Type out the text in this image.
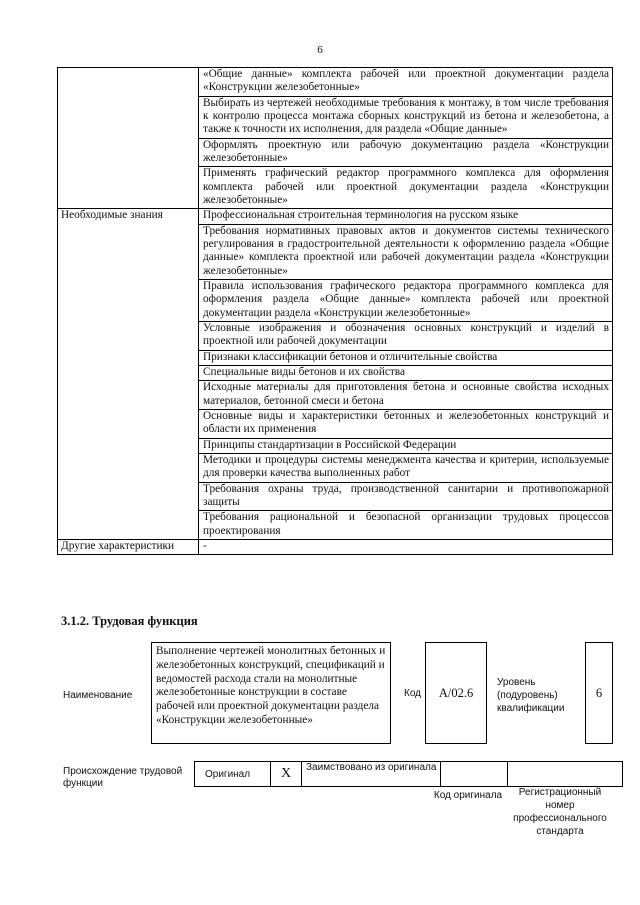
6
	«Общие данные» комплекта рабочей или проектной документации раздела «Конструкции железобетонные»
	Выбирать из чертежей необходимые требования к монтажу, в том числе требования к контролю процесса монтажа сборных конструкций из бетона и железобетона, а также к точности их исполнения, для раздела «Общие данные»
	Оформлять проектную или рабочую документацию раздела «Конструкции железобетонные»
	Применять графический редактор программного комплекса для оформления комплекта рабочей или проектной документации раздела «Конструкции железобетонные»
Необходимые знания	Профессиональная строительная терминология на русском языке
	Требования нормативных правовых актов и документов системы технического регулирования в градостроительной деятельности к оформлению раздела «Общие данные» комплекта проектной или рабочей документации раздела «Конструкции железобетонные»
	Правила использования графического редактора программного комплекса для оформления раздела «Общие данные» комплекта рабочей или проектной документации раздела «Конструкции железобетонные»
	Условные изображения и обозначения основных конструкций и изделий в проектной или рабочей документации
	Признаки классификации бетонов и отличительные свойства
	Специальные виды бетонов и их свойства
	Исходные материалы для приготовления бетона и основные свойства исходных материалов, бетонной смеси и бетона
	Основные виды и характеристики бетонных и железобетонных конструкций и области их применения
	Принципы стандартизации в Российской Федерации
	Методики и процедуры системы менеджмента качества и критерии, используемые для проверки качества выполненных работ
	Требования охраны труда, производственной санитарии и противопожарной защиты
	Требования рациональной и безопасной организации трудовых процессов проектирования
Другие характеристики	-
3.1.2. Трудовая функция
Наименование
Выполнение чертежей монолитных бетонных и железобетонных конструкций, спецификаций и ведомостей расхода стали на монолитные железобетонные конструкции в составе рабочей или проектной документации раздела «Конструкции железобетонные»
Код	A/02.6
Уровень (подуровень) квалификации
6
Происхождение трудовой функции
Оригинал	X	Заимствовано из оригинала		
Код оригинала	Регистрационный номер профессионального стандарта
